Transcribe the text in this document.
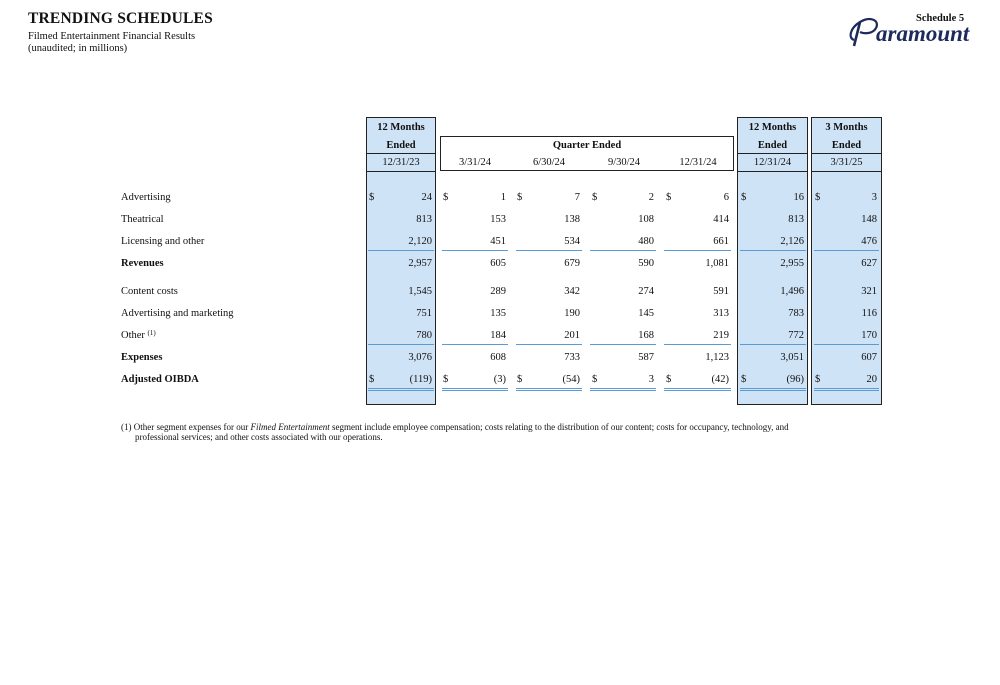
TRENDING SCHEDULES
Filmed Entertainment Financial Results
(unaudited; in millions)
Schedule 5
aramount
12 Months
Ended	Quarter Ended
12 Months
Ended
3 Months
Ended
12/31/23	3/31/24	6/30/24	9/30/24	12/31/24	12/31/24	3/31/25
Advertising	$	24 $	1 $	7 $	2 $	6 $	16 $	3
Theatrical	813	153	138	108	414	813	148
Licensing and other	2,120	451	534	480	661	2,126	476
Revenues	2,957	605	679	590	1,081	2,955	627
Content costs	1,545	289	342	274	591	1,496	321
Advertising and marketing	751	135	190	145	313	783	116
Other $^{(1)}$	780	184	201	168	219	772	170
Expenses	3,076	608	733	587	1,123	3,051	607
Adjusted OIBDA	$	(119) $	(3) $	(54) $	3 $	(42) $	(96) $	20
(1) Other segment expenses for our Filmed Entertainment segment include employee compensation; costs relating to the distribution of our content; costs for occupancy, technology, and
professional services; and other costs associated with our operations.
